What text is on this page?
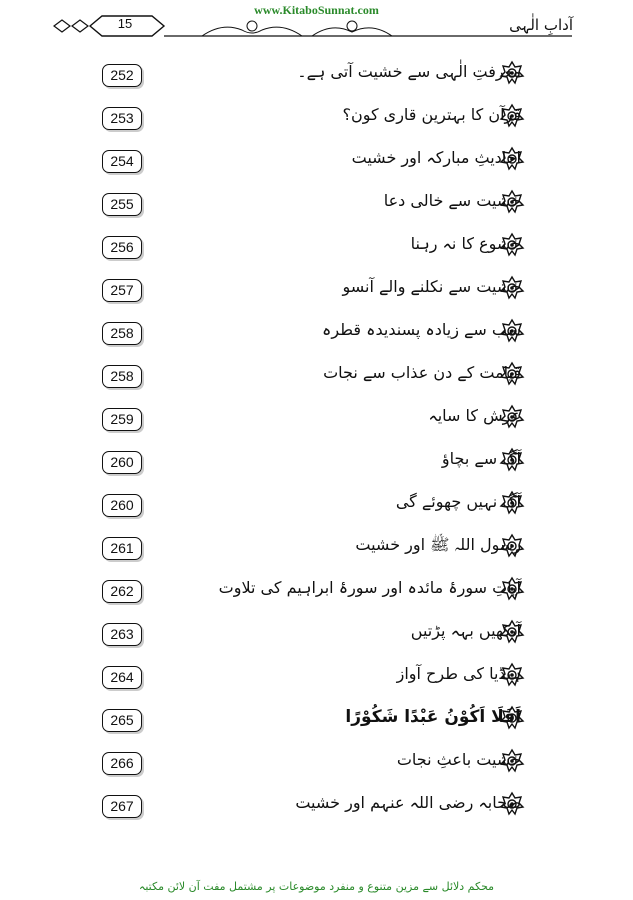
www.KitaboSunnat.com
15	آدابِ الٰہی
معرفتِ الٰہی سے خشیت آتی ہے۔
252
قرآن کا بہترین قاری کون؟
253
احادیثِ مبارکہ اور خشیت
254
خشیت سے خالی دعا
255
خشوع کا نہ رہنا
256
خشیت سے نکلنے والے آنسو
257
سب سے زیادہ پسندیدہ قطرہ
258
قیامت کے دن عذاب سے نجات
258
عرش کا سایہ
259
آگ سے بچاؤ
260
آگ نہیں چھوئے گی
260
رسول اللہ ﷺ اور خشیت
261
آیاتِ سورۂ مائدہ اور سورۂ ابراہیم کی تلاوت
262
آنکھیں بہہ پڑتیں
263
ہنڈیا کی طرح آواز
264
اَفَلَا اَكُوْنُ عَبْدًا شَكُوْرًا
265
خشیت باعثِ نجات
266
صحابہ رضی اللہ عنہم اور خشیت
267
محکم دلائل سے مزین متنوع و منفرد موضوعات پر مشتمل مفت آن لائن مکتبہ
